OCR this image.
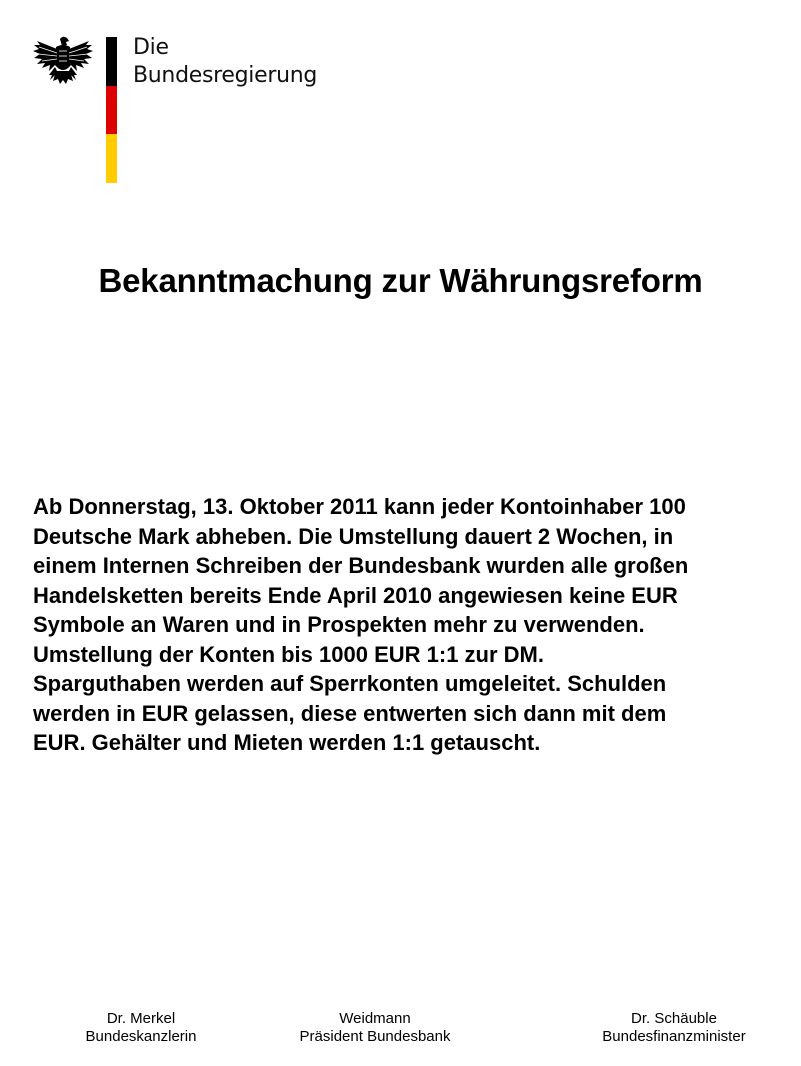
Die
Bundesregierung
Bekanntmachung zur Währungsreform
Ab Donnerstag, 13. Oktober 2011 kann jeder Kontoinhaber 100
Deutsche Mark abheben. Die Umstellung dauert 2 Wochen, in
einem Internen Schreiben der Bundesbank wurden alle großen
Handelsketten bereits Ende April 2010 angewiesen keine EUR
Symbole an Waren und in Prospekten mehr zu verwenden.
Umstellung der Konten bis 1000 EUR 1:1 zur DM.
Sparguthaben werden auf Sperrkonten umgeleitet. Schulden
werden in EUR gelassen, diese entwerten sich dann mit dem
EUR. Gehälter und Mieten werden 1:1 getauscht.
Dr. Merkel
Bundeskanzlerin
Weidmann
Präsident Bundesbank
Dr. Schäuble
Bundesfinanzminister
